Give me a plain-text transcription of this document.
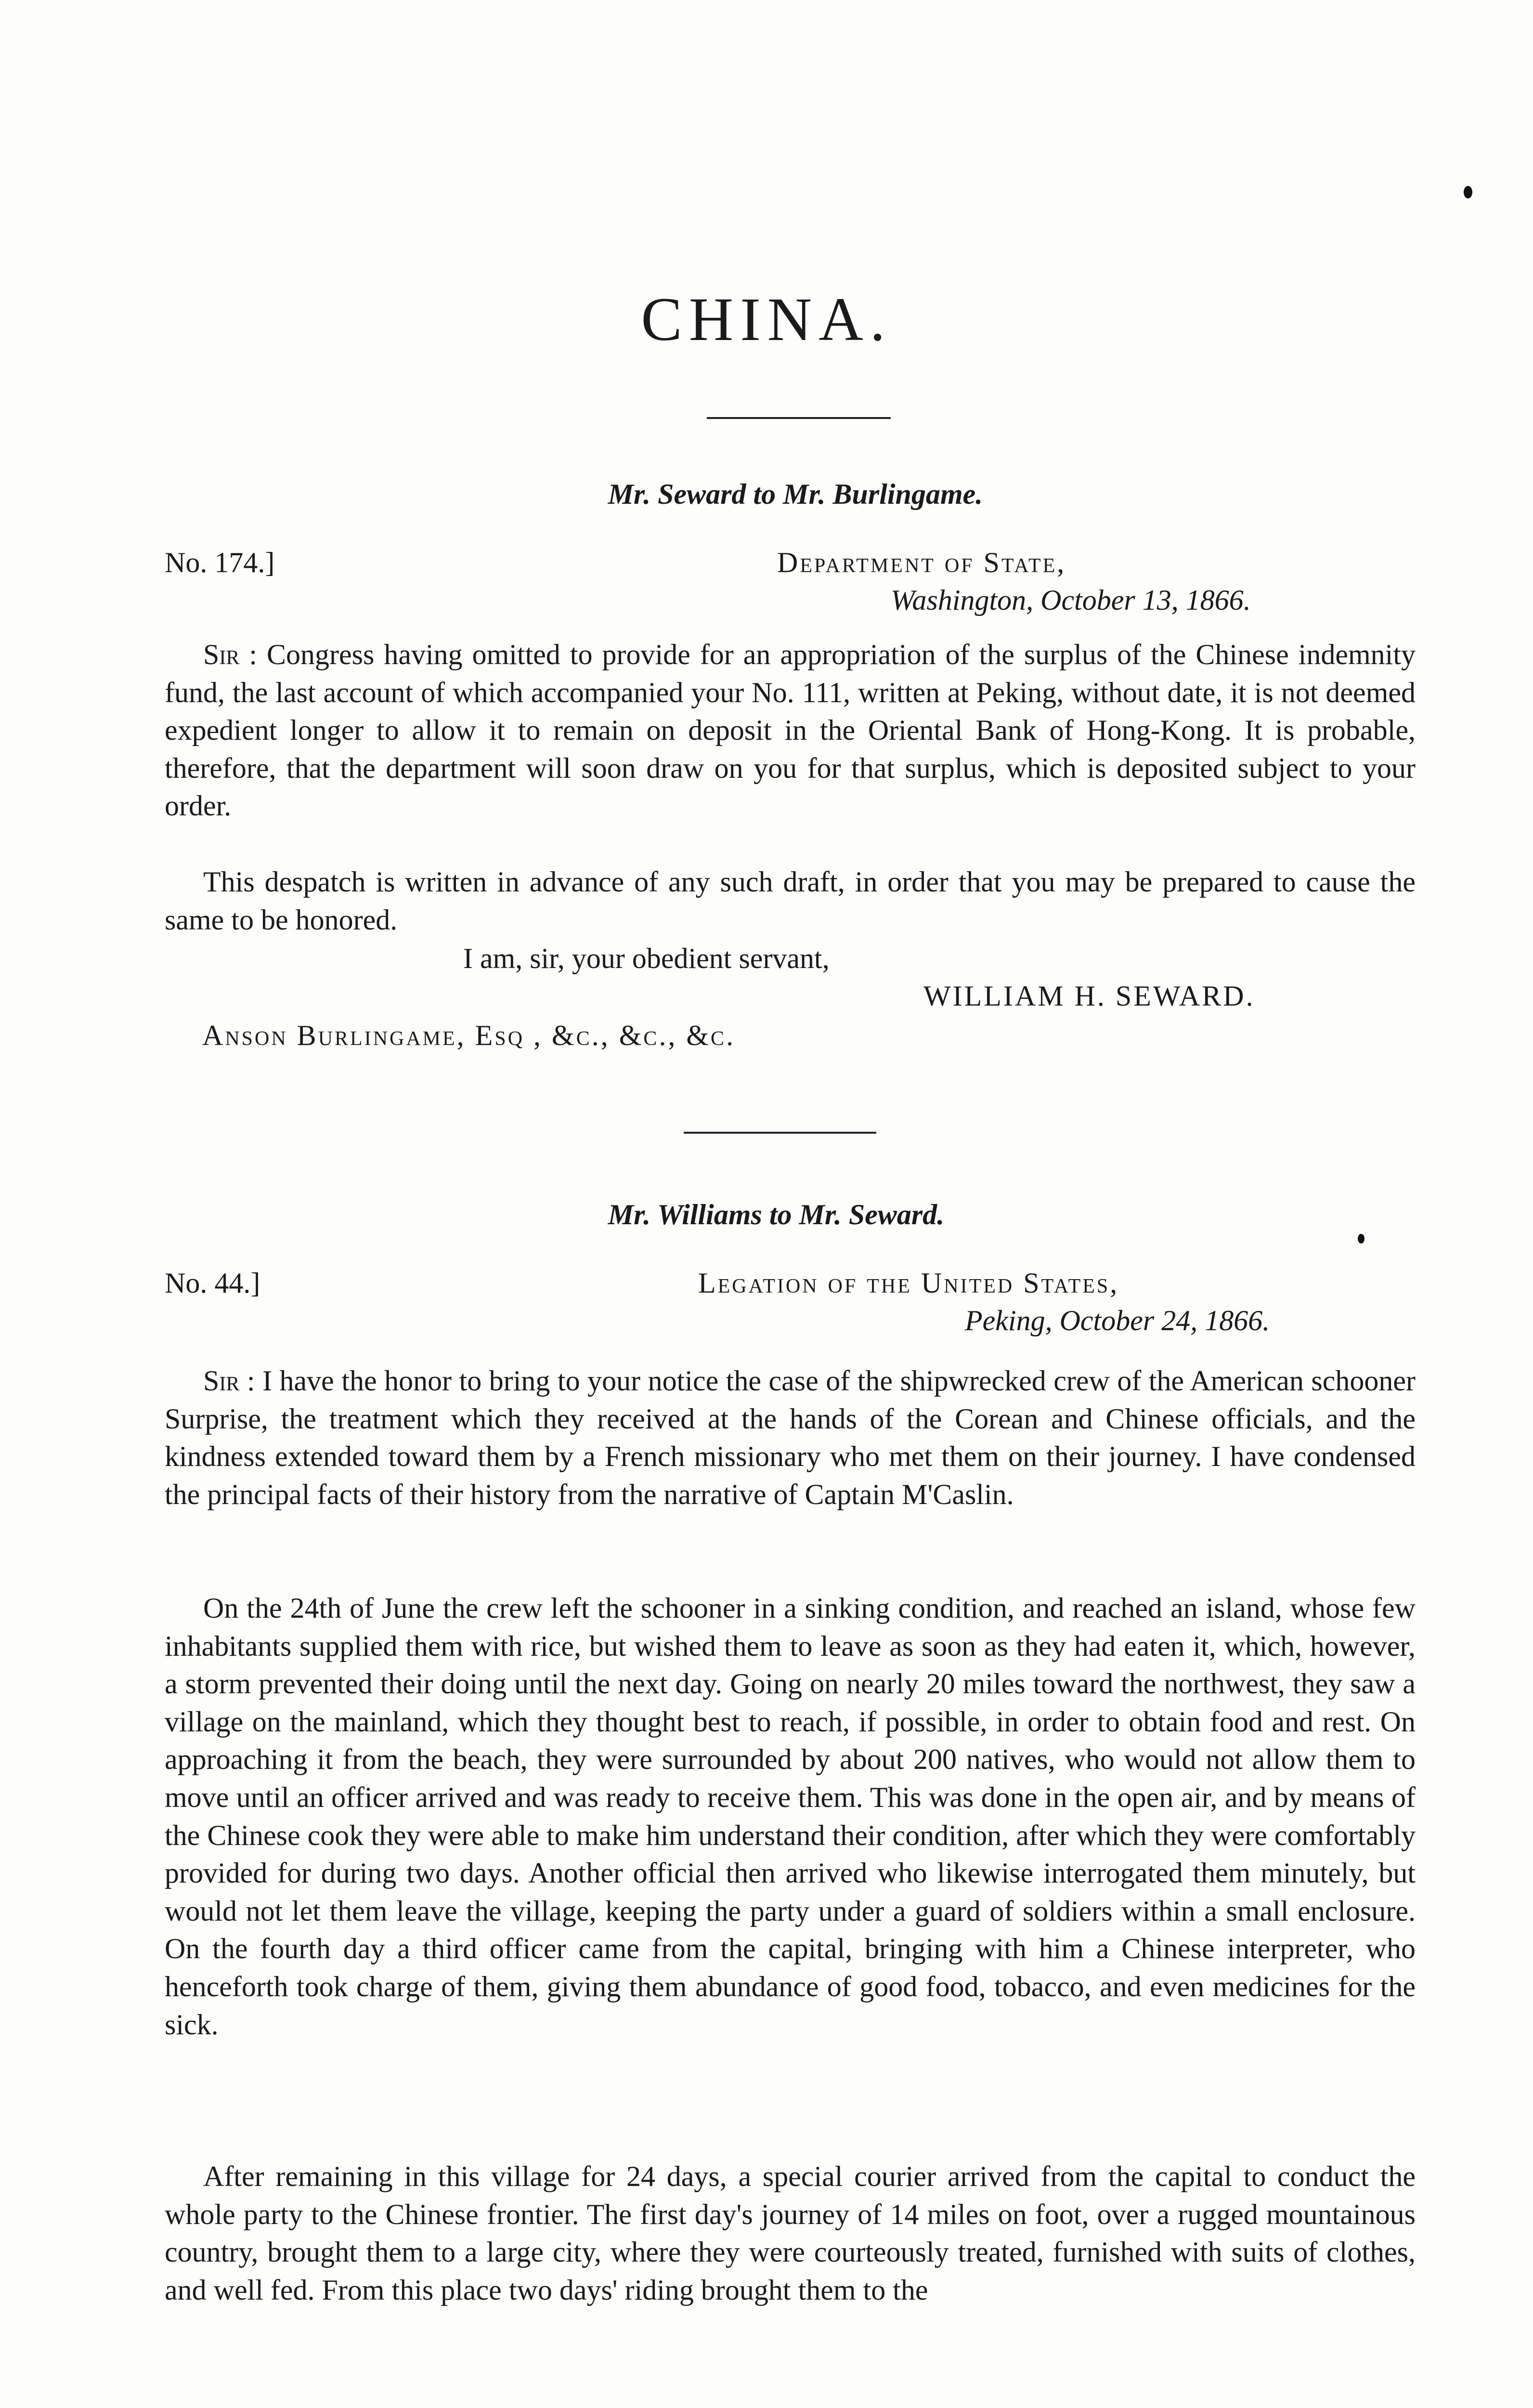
CHINA.
Mr. Seward to Mr. Burlingame.
No. 174.]	Department of State,
Washington, October 13, 1866.

Sir : Congress having omitted to provide for an appropriation of the surplus of the Chinese indemnity fund, the last account of which accompanied your No. 111, written at Peking, without date, it is not deemed expedient longer to allow it to remain on deposit in the Oriental Bank of Hong-Kong. It is probable, therefore, that the department will soon draw on you for that surplus, which is deposited subject to your order.

This despatch is written in advance of any such draft, in order that you may be prepared to cause the same to be honored.

I am, sir, your obedient servant,
WILLIAM H. SEWARD.
Anson Burlingame, Esq , &c., &c., &c.
Mr. Williams to Mr. Seward.
No. 44.]	Legation of the United States,
Peking, October 24, 1866.

Sir : I have the honor to bring to your notice the case of the shipwrecked crew of the American schooner Surprise, the treatment which they received at the hands of the Corean and Chinese officials, and the kindness extended toward them by a French missionary who met them on their journey. I have condensed the principal facts of their history from the narrative of Captain M'Caslin.

On the 24th of June the crew left the schooner in a sinking condition, and reached an island, whose few inhabitants supplied them with rice, but wished them to leave as soon as they had eaten it, which, however, a storm prevented their doing until the next day. Going on nearly 20 miles toward the northwest, they saw a village on the mainland, which they thought best to reach, if possible, in order to obtain food and rest. On approaching it from the beach, they were surrounded by about 200 natives, who would not allow them to move until an officer arrived and was ready to receive them. This was done in the open air, and by means of the Chinese cook they were able to make him understand their condition, after which they were comfortably provided for during two days. Another official then arrived who likewise interrogated them minutely, but would not let them leave the village, keeping the party under a guard of soldiers within a small enclosure. On the fourth day a third officer came from the capital, bringing with him a Chinese interpreter, who henceforth took charge of them, giving them abundance of good food, tobacco, and even medicines for the sick.

After remaining in this village for 24 days, a special courier arrived from the capital to conduct the whole party to the Chinese frontier. The first day's journey of 14 miles on foot, over a rugged mountainous country, brought them to a large city, where they were courteously treated, furnished with suits of clothes, and well fed. From this place two days' riding brought them to the
